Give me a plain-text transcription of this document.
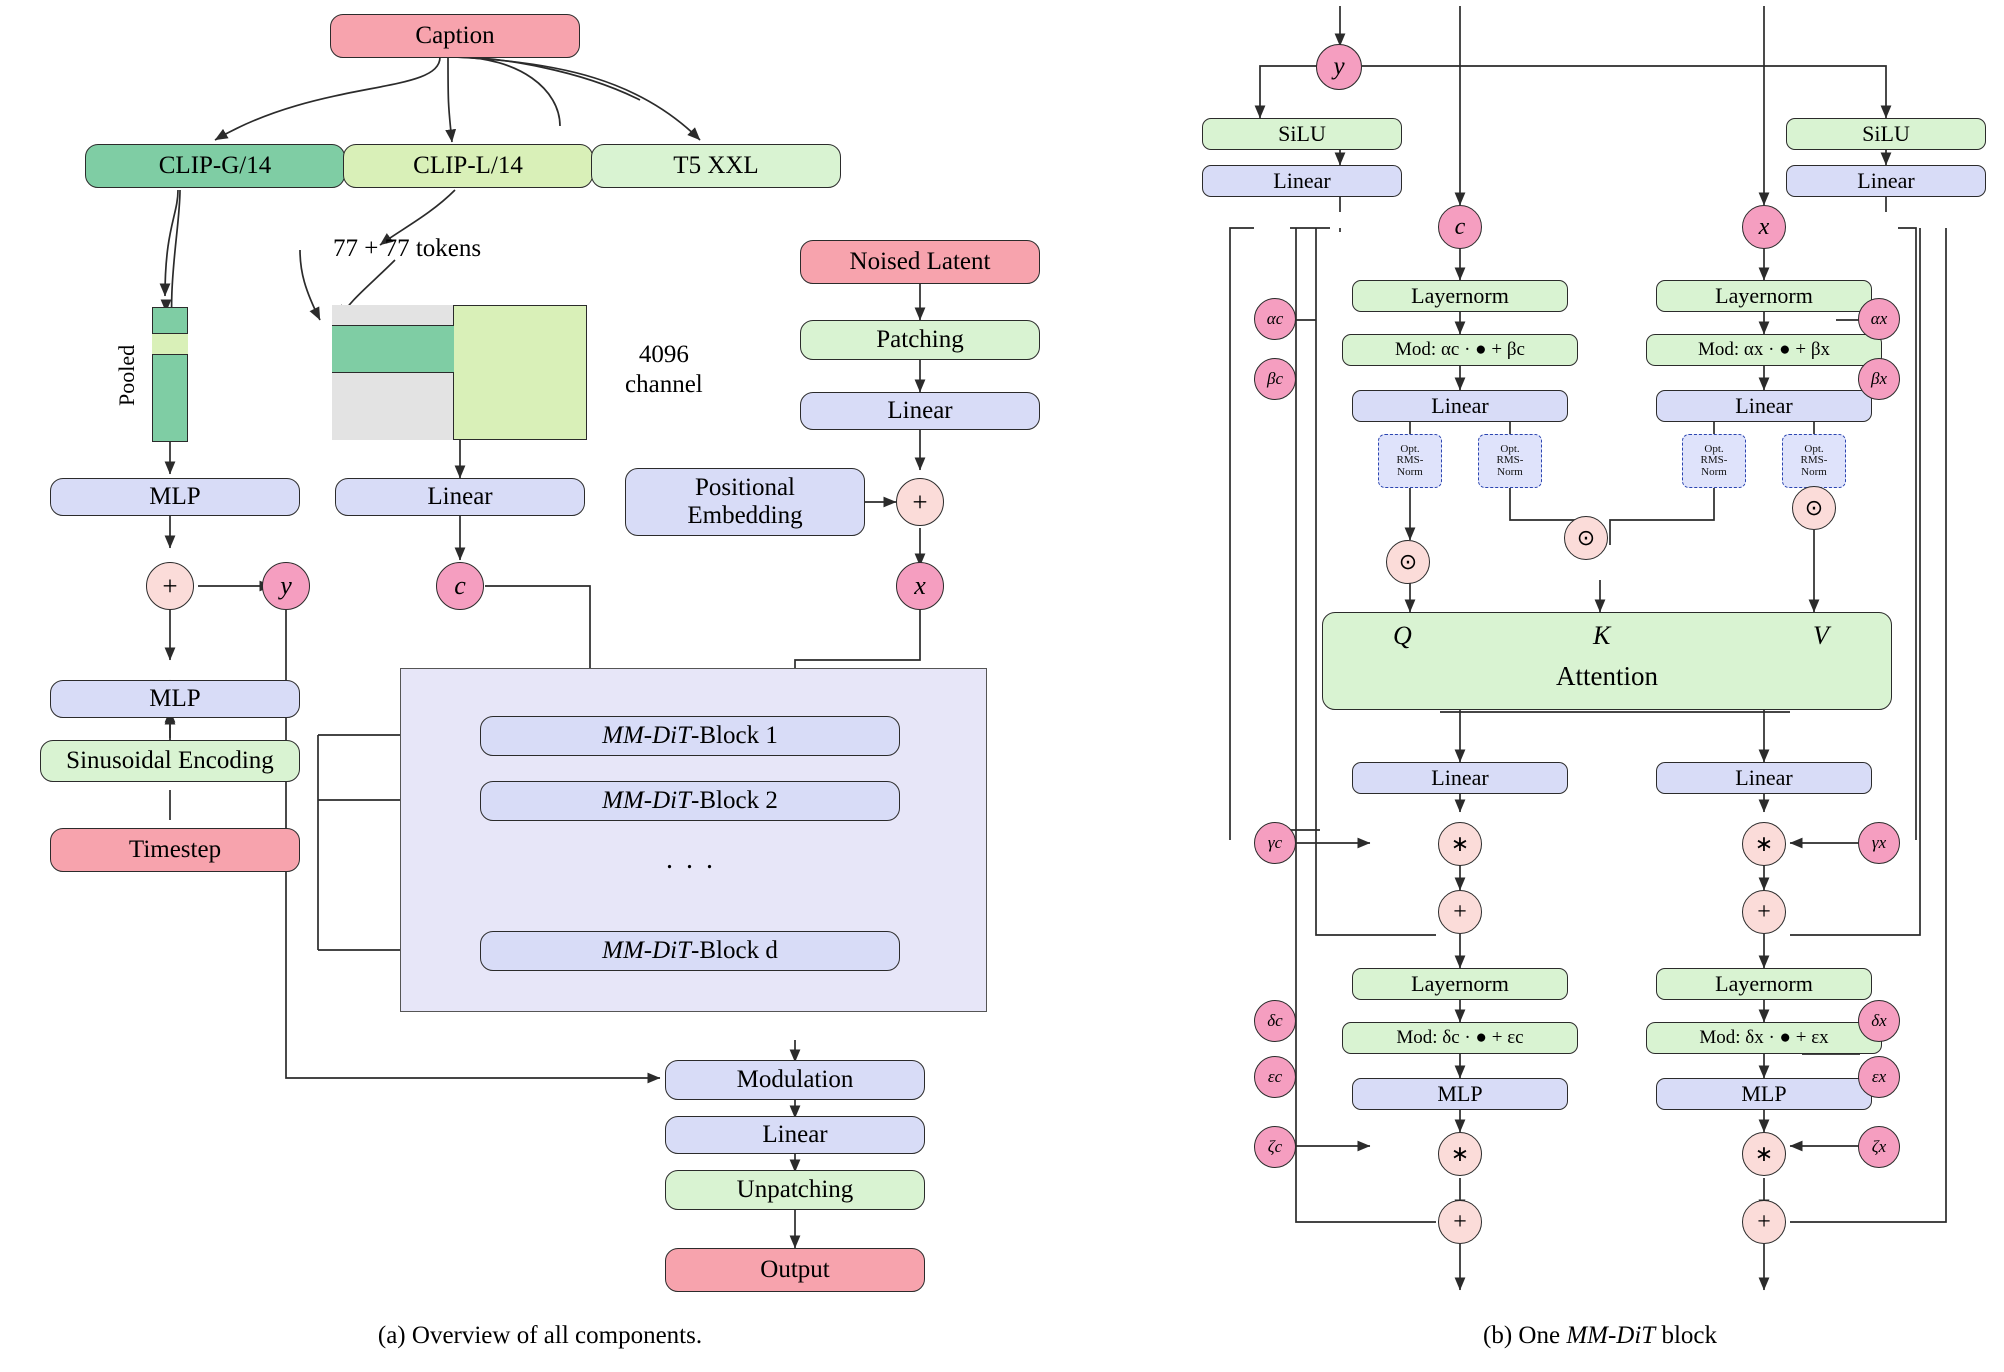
Caption
CLIP-G/14	CLIP-L/14	T5 XXL
77 + 77 tokens
Pooled	4096
channel
MLP	Linear
+	y	c	x
MLP
Sinusoidal Encoding
Timestep
Noised Latent
Patching
Linear
Positional
Embedding	+
MM-DiT -Block 1
MM-DiT -Block 2
. . .
MM-DiT -Block d
Modulation
Linear
Unpatching
Output
(a) Overview of all components.
y
SiLU
Linear
SiLU
Linear
c	x
Layernorm
Mod: αc · ● + βc
Linear
Layernorm
Mod: αx · ● + βx
Linear
Opt.
RMS-
Norm
Opt.
RMS-
Norm
Opt.
RMS-
Norm
Opt.
RMS-
Norm
⊙
⊙
⊙
Q	K	V
Attention
Linear	Linear
∗	∗
+	+
Layernorm
Mod: δc · ● + εc
MLP
Layernorm
Mod: δx · ● + εx
MLP
∗	∗
+	+
αc
βc
γc
δc
εc
ζc
αx
βx
γx
δx
εx
ζx
(b) One MM-DiT block
